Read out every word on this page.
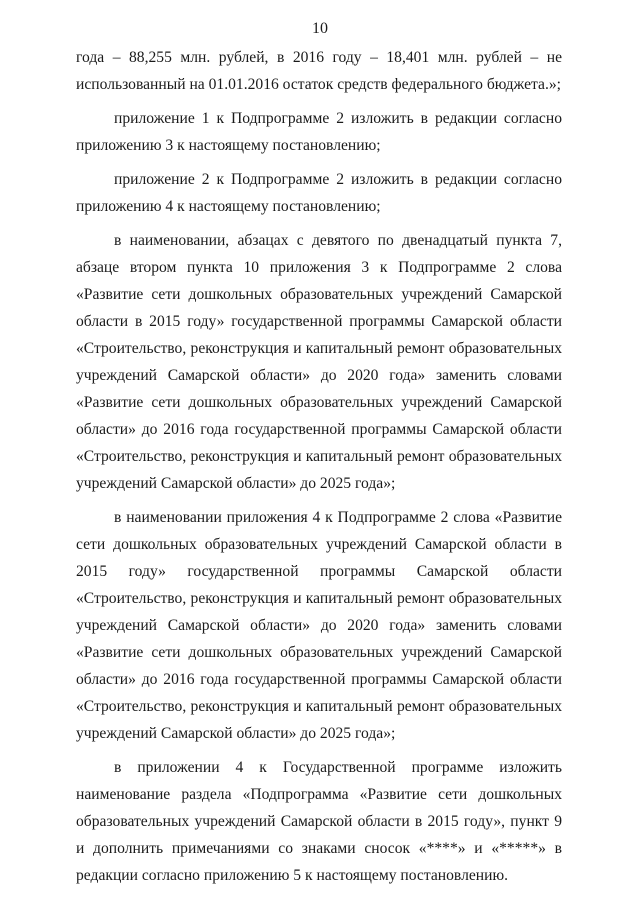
10

года – 88,255 млн. рублей, в 2016 году – 18,401 млн. рублей – не использованный на 01.01.2016 остаток средств федерального бюджета.»;

приложение 1 к Подпрограмме 2 изложить в редакции согласно приложению 3 к настоящему постановлению;

приложение 2 к Подпрограмме 2 изложить в редакции согласно приложению 4 к настоящему постановлению;

в наименовании, абзацах с девятого по двенадцатый пункта 7, абзаце втором пункта 10 приложения 3 к Подпрограмме 2 слова «Развитие сети дошкольных образовательных учреждений Самарской области в 2015 году» государственной программы Самарской области «Строительство, реконструкция и капитальный ремонт образовательных учреждений Самарской области» до 2020 года» заменить словами «Развитие сети дошкольных образовательных учреждений Самарской области» до 2016 года государственной программы Самарской области «Строительство, реконструкция и капитальный ремонт образовательных учреждений Самарской области» до 2025 года»;

в наименовании приложения 4 к Подпрограмме 2 слова «Развитие сети дошкольных образовательных учреждений Самарской области в 2015 году» государственной программы Самарской области «Строительство, реконструкция и капитальный ремонт образовательных учреждений Самарской области» до 2020 года» заменить словами «Развитие сети дошкольных образовательных учреждений Самарской области» до 2016 года государственной программы Самарской области «Строительство, реконструкция и капитальный ремонт образовательных учреждений Самарской области» до 2025 года»;

в приложении 4 к Государственной программе изложить наименование раздела «Подпрограмма «Развитие сети дошкольных образовательных учреждений Самарской области в 2015 году», пункт 9 и дополнить примечаниями со знаками сносок «****» и «*****» в редакции согласно приложению 5 к настоящему постановлению.
